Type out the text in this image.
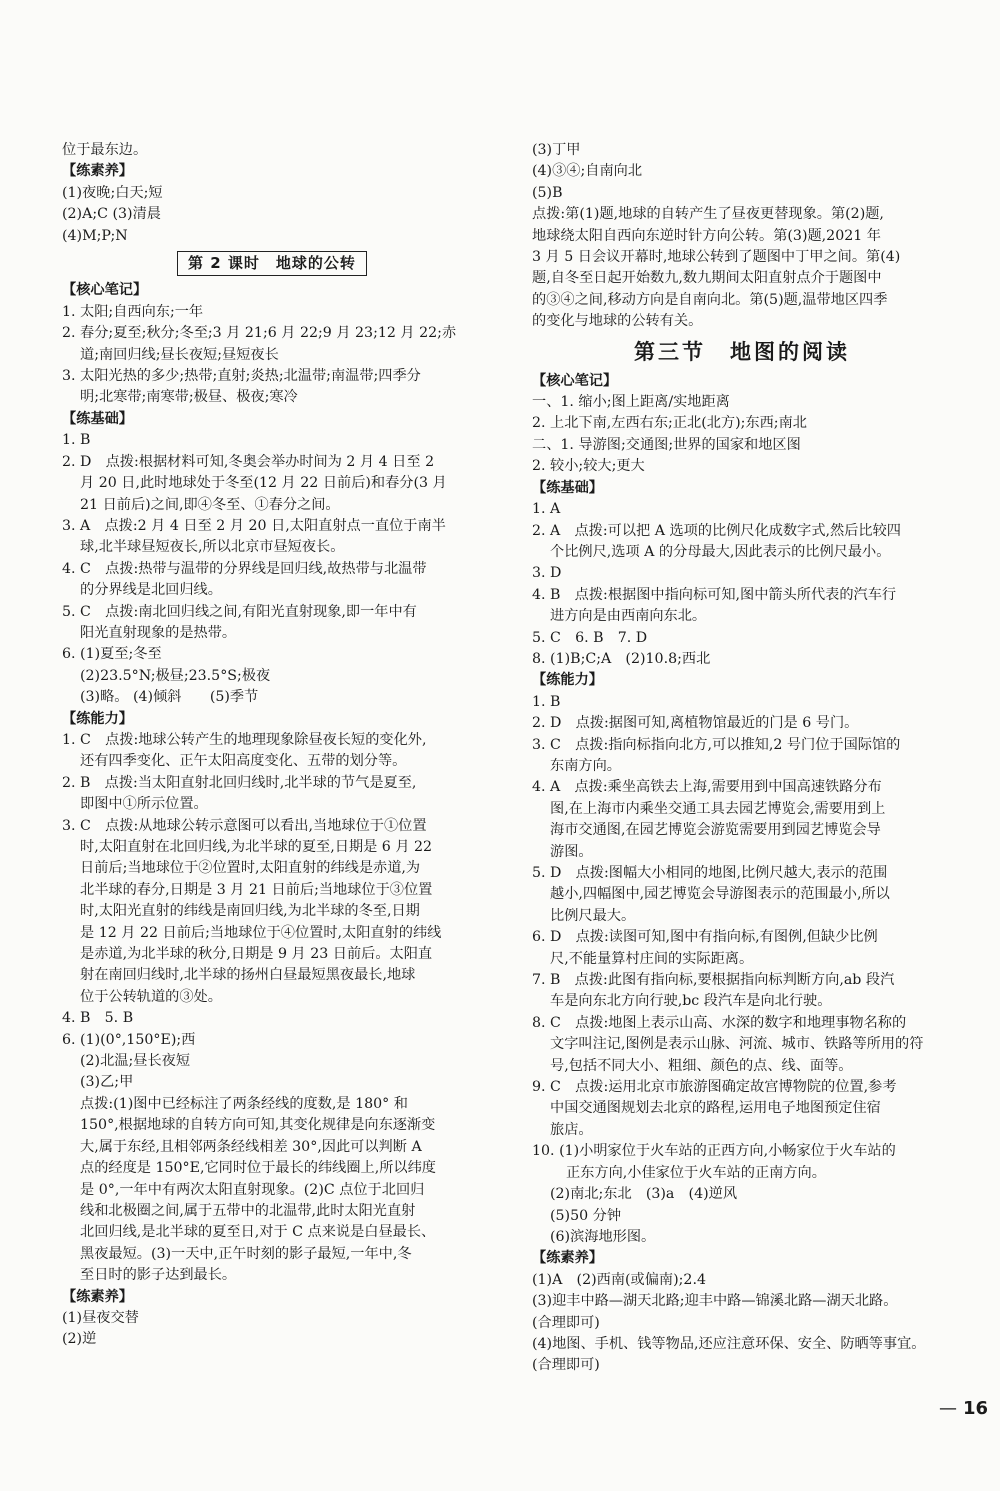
位于最东边。
【练素养】
(1)夜晚;白天;短
(2)A;C (3)清晨
(4)M;P;N
第 2 课时　地球的公转
【核心笔记】
1. 太阳;自西向东;一年
2. 春分;夏至;秋分;冬至;3 月 21;6 月 22;9 月 23;12 月 22;赤
道;南回归线;昼长夜短;昼短夜长
3. 太阳光热的多少;热带;直射;炎热;北温带;南温带;四季分
明;北寒带;南寒带;极昼、极夜;寒冷
【练基础】
1. B
2. D　点拨:根据材料可知,冬奥会举办时间为 2 月 4 日至 2
月 20 日,此时地球处于冬至(12 月 22 日前后)和春分(3 月
21 日前后)之间,即④冬至、①春分之间。
3. A　点拨:2 月 4 日至 2 月 20 日,太阳直射点一直位于南半
球,北半球昼短夜长,所以北京市昼短夜长。
4. C　点拨:热带与温带的分界线是回归线,故热带与北温带
的分界线是北回归线。
5. C　点拨:南北回归线之间,有阳光直射现象,即一年中有
阳光直射现象的是热带。
6. (1)夏至;冬至
(2)23.5°N;极昼;23.5°S;极夜
(3)略。 (4)倾斜　　(5)季节
【练能力】
1. C　点拨:地球公转产生的地理现象除昼夜长短的变化外,
还有四季变化、正午太阳高度变化、五带的划分等。
2. B　点拨:当太阳直射北回归线时,北半球的节气是夏至,
即图中①所示位置。
3. C　点拨:从地球公转示意图可以看出,当地球位于①位置
时,太阳直射在北回归线,为北半球的夏至,日期是 6 月 22
日前后;当地球位于②位置时,太阳直射的纬线是赤道,为
北半球的春分,日期是 3 月 21 日前后;当地球位于③位置
时,太阳光直射的纬线是南回归线,为北半球的冬至,日期
是 12 月 22 日前后;当地球位于④位置时,太阳直射的纬线
是赤道,为北半球的秋分,日期是 9 月 23 日前后。太阳直
射在南回归线时,北半球的扬州白昼最短黑夜最长,地球
位于公转轨道的③处。
4. B　5. B
6. (1)(0°,150°E);西
(2)北温;昼长夜短
(3)乙;甲
点拨:(1)图中已经标注了两条经线的度数,是 180° 和
150°,根据地球的自转方向可知,其变化规律是向东逐渐变
大,属于东经,且相邻两条经线相差 30°,因此可以判断 A
点的经度是 150°E,它同时位于最长的纬线圈上,所以纬度
是 0°,一年中有两次太阳直射现象。(2)C 点位于北回归
线和北极圈之间,属于五带中的北温带,此时太阳光直射
北回归线,是北半球的夏至日,对于 C 点来说是白昼最长、
黑夜最短。(3)一天中,正午时刻的影子最短,一年中,冬
至日时的影子达到最长。
【练素养】
(1)昼夜交替
(2)逆
(3)丁甲
(4)③④;自南向北
(5)B
点拨:第(1)题,地球的自转产生了昼夜更替现象。第(2)题,
地球绕太阳自西向东逆时针方向公转。第(3)题,2021 年
3 月 5 日会议开幕时,地球公转到了题图中丁甲之间。第(4)
题,自冬至日起开始数九,数九期间太阳直射点介于题图中
的③④之间,移动方向是自南向北。第(5)题,温带地区四季
的变化与地球的公转有关。
第三节　地图的阅读
【核心笔记】
一、1. 缩小;图上距离/实地距离
2. 上北下南,左西右东;正北(北方);东西;南北
二、1. 导游图;交通图;世界的国家和地区图
2. 较小;较大;更大
【练基础】
1. A
2. A　点拨:可以把 A 选项的比例尺化成数字式,然后比较四
个比例尺,选项 A 的分母最大,因此表示的比例尺最小。
3. D
4. B　点拨:根据图中指向标可知,图中箭头所代表的汽车行
进方向是由西南向东北。
5. C　6. B　7. D
8. (1)B;C;A　(2)10.8;西北
【练能力】
1. B
2. D　点拨:据图可知,离植物馆最近的门是 6 号门。
3. C　点拨:指向标指向北方,可以推知,2 号门位于国际馆的
东南方向。
4. A　点拨:乘坐高铁去上海,需要用到中国高速铁路分布
图,在上海市内乘坐交通工具去园艺博览会,需要用到上
海市交通图,在园艺博览会游览需要用到园艺博览会导
游图。
5. D　点拨:图幅大小相同的地图,比例尺越大,表示的范围
越小,四幅图中,园艺博览会导游图表示的范围最小,所以
比例尺最大。
6. D　点拨:读图可知,图中有指向标,有图例,但缺少比例
尺,不能量算村庄间的实际距离。
7. B　点拨:此图有指向标,要根据指向标判断方向,ab 段汽
车是向东北方向行驶,bc 段汽车是向北行驶。
8. C　点拨:地图上表示山高、水深的数字和地理事物名称的
文字叫注记,图例是表示山脉、河流、城市、铁路等所用的符
号,包括不同大小、粗细、颜色的点、线、面等。
9. C　点拨:运用北京市旅游图确定故宫博物院的位置,参考
中国交通图规划去北京的路程,运用电子地图预定住宿
旅店。
10. (1)小明家位于火车站的正西方向,小畅家位于火车站的
正东方向,小佳家位于火车站的正南方向。
(2)南北;东北　(3)a　(4)逆风
(5)50 分钟
(6)滨海地形图。
【练素养】
(1)A　(2)西南(或偏南);2.4
(3)迎丰中路—湖天北路;迎丰中路—锦溪北路—湖天北路。
(合理即可)
(4)地图、手机、钱等物品,还应注意环保、安全、防晒等事宜。
(合理即可)
— 16
